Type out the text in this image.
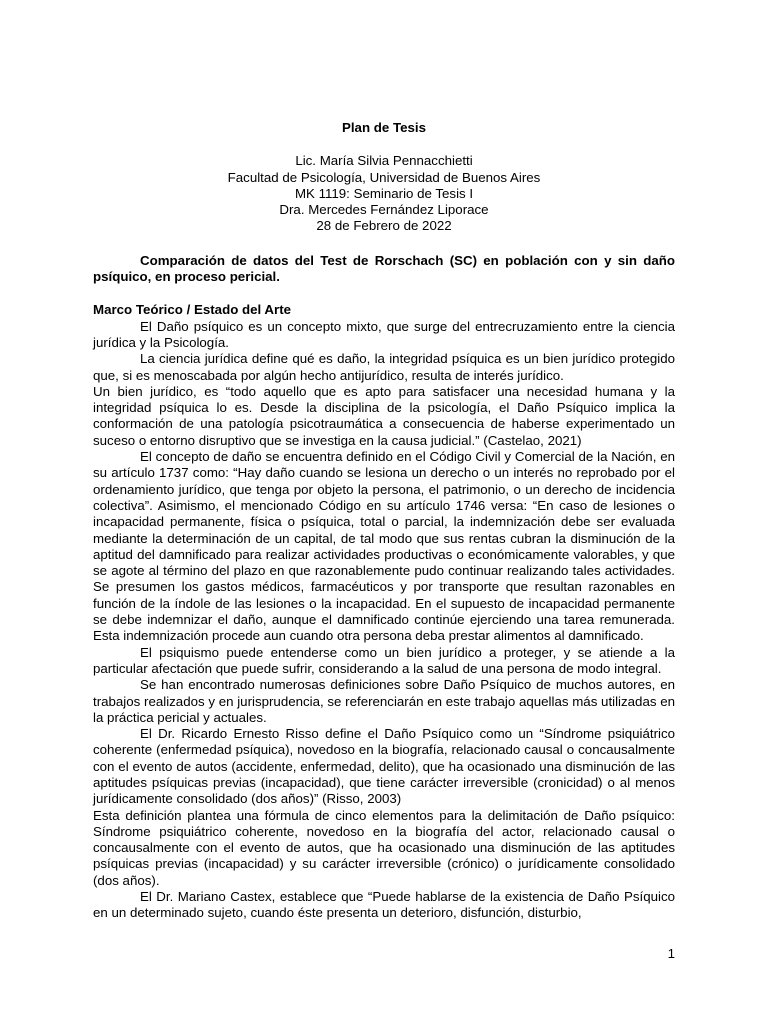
Plan de Tesis
Lic. María Silvia Pennacchietti
Facultad de Psicología, Universidad de Buenos Aires
MK 1119: Seminario de Tesis I
Dra. Mercedes Fernández Liporace
28 de Febrero de 2022

Comparación de datos del Test de Rorschach (SC) en población con y sin daño psíquico, en proceso pericial.

Marco Teórico / Estado del Arte

El Daño psíquico es un concepto mixto, que surge del entrecruzamiento entre la ciencia jurídica y la Psicología.

La ciencia jurídica define qué es daño, la integridad psíquica es un bien jurídico protegido que, si es menoscabada por algún hecho antijurídico, resulta de interés jurídico.

Un bien jurídico, es “todo aquello que es apto para satisfacer una necesidad humana y la integridad psíquica lo es. Desde la disciplina de la psicología, el Daño Psíquico implica la conformación de una patología psicotraumática a consecuencia de haberse experimentado un suceso o entorno disruptivo que se investiga en la causa judicial.” (Castelao, 2021)

El concepto de daño se encuentra definido en el Código Civil y Comercial de la Nación, en su artículo 1737 como: “Hay daño cuando se lesiona un derecho o un interés no reprobado por el ordenamiento jurídico, que tenga por objeto la persona, el patrimonio, o un derecho de incidencia colectiva”. Asimismo, el mencionado Código en su artículo 1746 versa: “En caso de lesiones o incapacidad permanente, física o psíquica, total o parcial, la indemnización debe ser evaluada mediante la determinación de un capital, de tal modo que sus rentas cubran la disminución de la aptitud del damnificado para realizar actividades productivas o económicamente valorables, y que se agote al término del plazo en que razonablemente pudo continuar realizando tales actividades. Se presumen los gastos médicos, farmacéuticos y por transporte que resultan razonables en función de la índole de las lesiones o la incapacidad. En el supuesto de incapacidad permanente se debe indemnizar el daño, aunque el damnificado continúe ejerciendo una tarea remunerada. Esta indemnización procede aun cuando otra persona deba prestar alimentos al damnificado.

El psiquismo puede entenderse como un bien jurídico a proteger, y se atiende a la particular afectación que puede sufrir, considerando a la salud de una persona de modo integral.

Se han encontrado numerosas definiciones sobre Daño Psíquico de muchos autores, en trabajos realizados y en jurisprudencia, se referenciarán en este trabajo aquellas más utilizadas en la práctica pericial y actuales.

El Dr. Ricardo Ernesto Risso define el Daño Psíquico como un “Síndrome psiquiátrico coherente (enfermedad psíquica), novedoso en la biografía, relacionado causal o concausalmente con el evento de autos (accidente, enfermedad, delito), que ha ocasionado una disminución de las aptitudes psíquicas previas (incapacidad), que tiene carácter irreversible (cronicidad) o al menos jurídicamente consolidado (dos años)” (Risso, 2003)

Esta definición plantea una fórmula de cinco elementos para la delimitación de Daño psíquico: Síndrome psiquiátrico coherente, novedoso en la biografía del actor, relacionado causal o concausalmente con el evento de autos, que ha ocasionado una disminución de las aptitudes psíquicas previas (incapacidad) y su carácter irreversible (crónico) o jurídicamente consolidado (dos años).

El Dr. Mariano Castex, establece que “Puede hablarse de la existencia de Daño Psíquico en un determinado sujeto, cuando éste presenta un deterioro, disfunción, disturbio,

1
